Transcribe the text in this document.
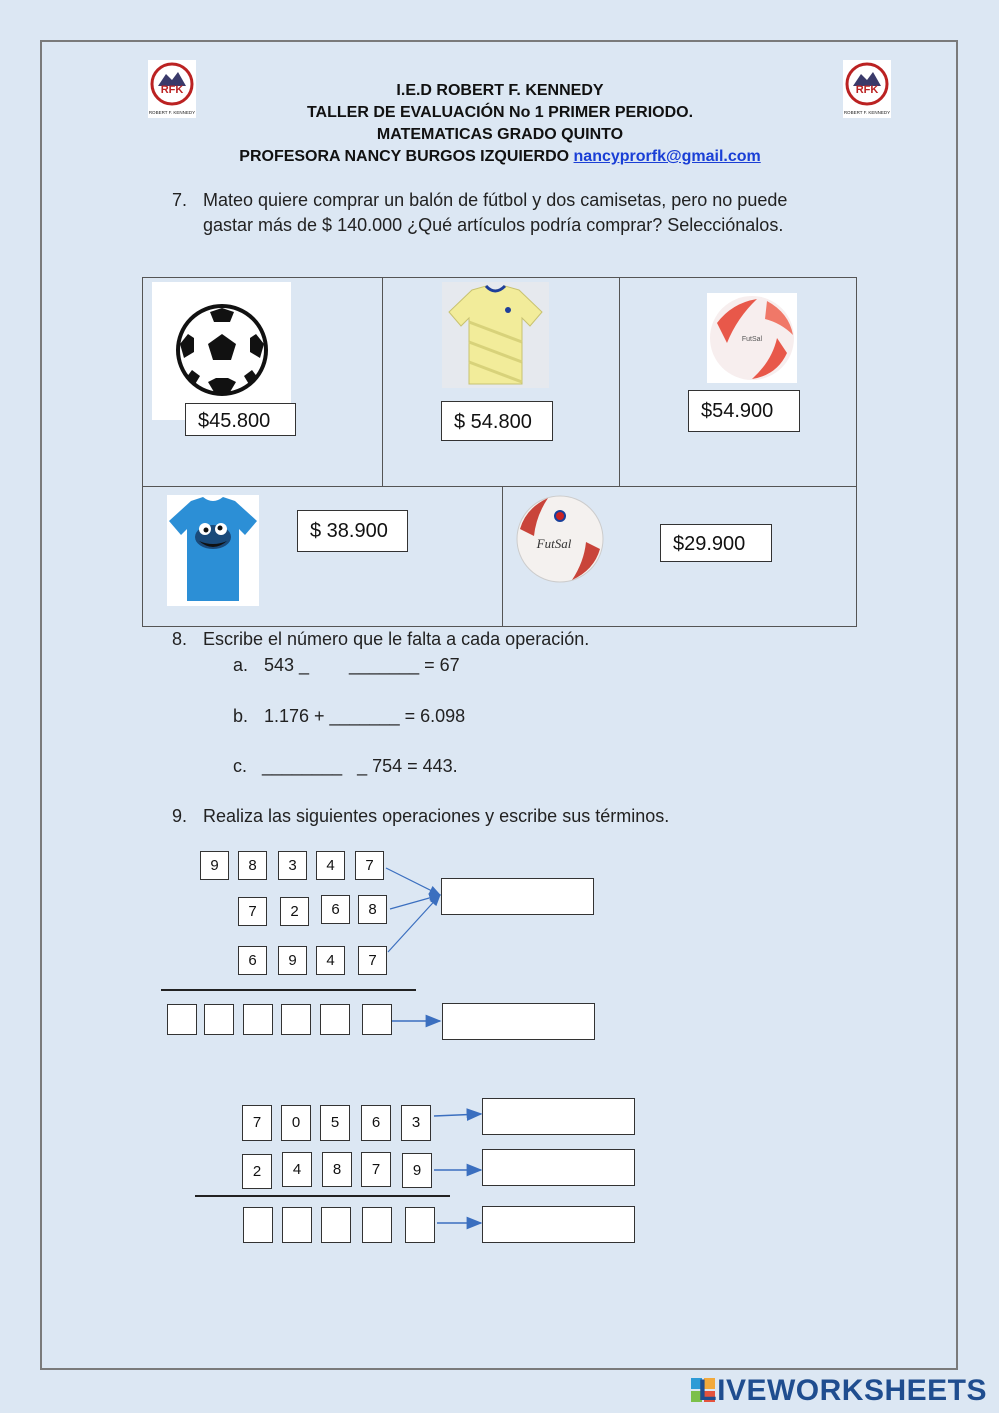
RFK
ROBERT F. KENNEDY
RFK
ROBERT F. KENNEDY
I.E.D ROBERT F. KENNEDY
TALLER DE EVALUACIÓN No 1 PRIMER PERIODO.
MATEMATICAS GRADO QUINTO
PROFESORA NANCY BURGOS IZQUIERDO nancyprorfk@gmail.com
7. Mateo quiere comprar un balón de fútbol y dos camisetas, pero no puede gastar más de $ 140.000 ¿Qué artículos podría comprar? Selecciónalos.
$45.800	$ 54.800
FutSal
$54.900
$ 38.900
FutSal	$29.900
8. Escribe el número que le falta a cada operación.
a. 543 _        _______ = 67
b. 1.176 + _______ = 6.098
c. ________   _ 754 = 443.
9. Realiza las siguientes operaciones y escribe sus términos.
9	8	3	4	7
7	2	6	8
6	9	4	7
7	0	5	6	3
2	4	8	7	9
LIVEWORKSHEETS
